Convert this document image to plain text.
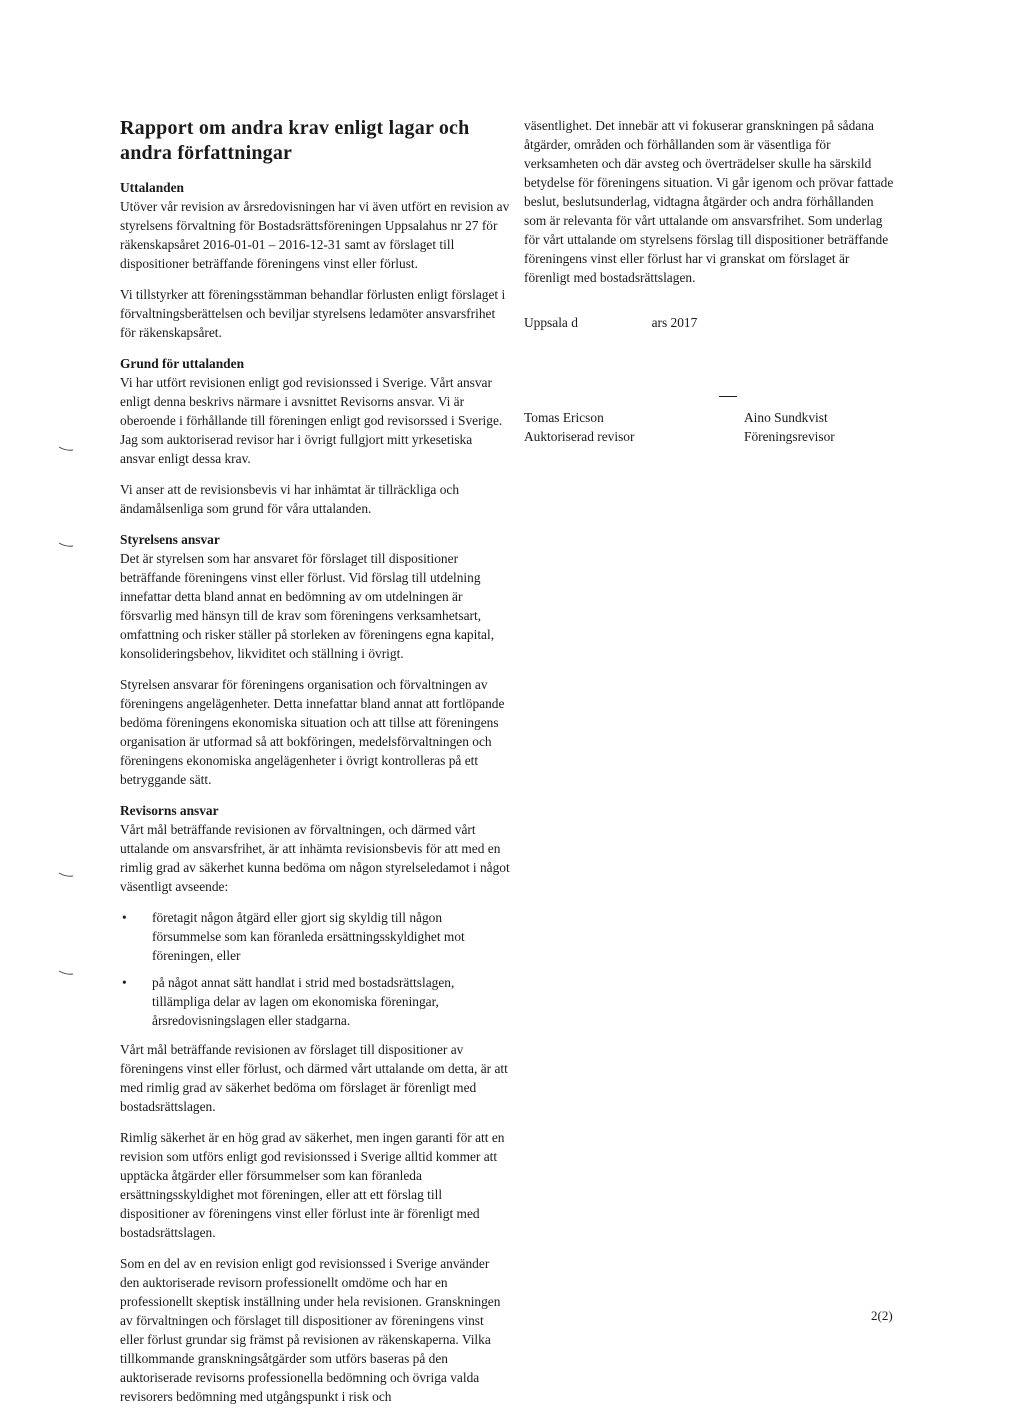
Rapport om andra krav enligt lagar och andra författningar

Uttalanden

Utöver vår revision av årsredovisningen har vi även utfört en revision av styrelsens förvaltning för Bostadsrättsföreningen Uppsalahus nr 27 för räkenskapsåret 2016-01-01 – 2016-12-31 samt av förslaget till dispositioner beträffande föreningens vinst eller förlust.

Vi tillstyrker att föreningsstämman behandlar förlusten enligt förslaget i förvaltningsberättelsen och beviljar styrelsens ledamöter ansvarsfrihet för räkenskapsåret.

Grund för uttalanden

Vi har utfört revisionen enligt god revisionssed i Sverige. Vårt ansvar enligt denna beskrivs närmare i avsnittet Revisorns ansvar. Vi är oberoende i förhållande till föreningen enligt god revisorssed i Sverige. Jag som auktoriserad revisor har i övrigt fullgjort mitt yrkesetiska ansvar enligt dessa krav.

Vi anser att de revisionsbevis vi har inhämtat är tillräckliga och ändamålsenliga som grund för våra uttalanden.

Styrelsens ansvar

Det är styrelsen som har ansvaret för förslaget till dispositioner beträffande föreningens vinst eller förlust. Vid förslag till utdelning innefattar detta bland annat en bedömning av om utdelningen är försvarlig med hänsyn till de krav som föreningens verksamhetsart, omfattning och risker ställer på storleken av föreningens egna kapital, konsolideringsbehov, likviditet och ställning i övrigt.

Styrelsen ansvarar för föreningens organisation och förvaltningen av föreningens angelägenheter. Detta innefattar bland annat att fortlöpande bedöma föreningens ekonomiska situation och att tillse att föreningens organisation är utformad så att bokföringen, medelsförvaltningen och föreningens ekonomiska angelägenheter i övrigt kontrolleras på ett betryggande sätt.

Revisorns ansvar

Vårt mål beträffande revisionen av förvaltningen, och därmed vårt uttalande om ansvarsfrihet, är att inhämta revisionsbevis för att med en rimlig grad av säkerhet kunna bedöma om någon styrelseledamot i något väsentligt avseende:

• företagit någon åtgärd eller gjort sig skyldig till någon försummelse som kan föranleda ersättningsskyldighet mot föreningen, eller
• på något annat sätt handlat i strid med bostadsrättslagen, tillämpliga delar av lagen om ekonomiska föreningar, årsredovisningslagen eller stadgarna.

Vårt mål beträffande revisionen av förslaget till dispositioner av föreningens vinst eller förlust, och därmed vårt uttalande om detta, är att med rimlig grad av säkerhet bedöma om förslaget är förenligt med bostadsrättslagen.

Rimlig säkerhet är en hög grad av säkerhet, men ingen garanti för att en revision som utförs enligt god revisionssed i Sverige alltid kommer att upptäcka åtgärder eller försummelser som kan föranleda ersättningsskyldighet mot föreningen, eller att ett förslag till dispositioner av föreningens vinst eller förlust inte är förenligt med bostadsrättslagen.

Som en del av en revision enligt god revisionssed i Sverige använder den auktoriserade revisorn professionellt omdöme och har en professionellt skeptisk inställning under hela revisionen. Granskningen av förvaltningen och förslaget till dispositioner av föreningens vinst eller förlust grundar sig främst på revisionen av räkenskaperna. Vilka tillkommande granskningsåtgärder som utförs baseras på den auktoriserade revisorns professionella bedömning och övriga valda revisorers bedömning med utgångspunkt i risk och

väsentlighet. Det innebär att vi fokuserar granskningen på sådana åtgärder, områden och förhållanden som är väsentliga för verksamheten och där avsteg och överträdelser skulle ha särskild betydelse för föreningens situation. Vi går igenom och prövar fattade beslut, beslutsunderlag, vidtagna åtgärder och andra förhållanden som är relevanta för vårt uttalande om ansvarsfrihet. Som underlag för vårt uttalande om styrelsens förslag till dispositioner beträffande föreningens vinst eller förlust har vi granskat om förslaget är förenligt med bostadsrättslagen.

Uppsala d                      ars 2017

Tomas Ericson
Auktoriserad revisor
Aino Sundkvist
Föreningsrevisor
2(2)
